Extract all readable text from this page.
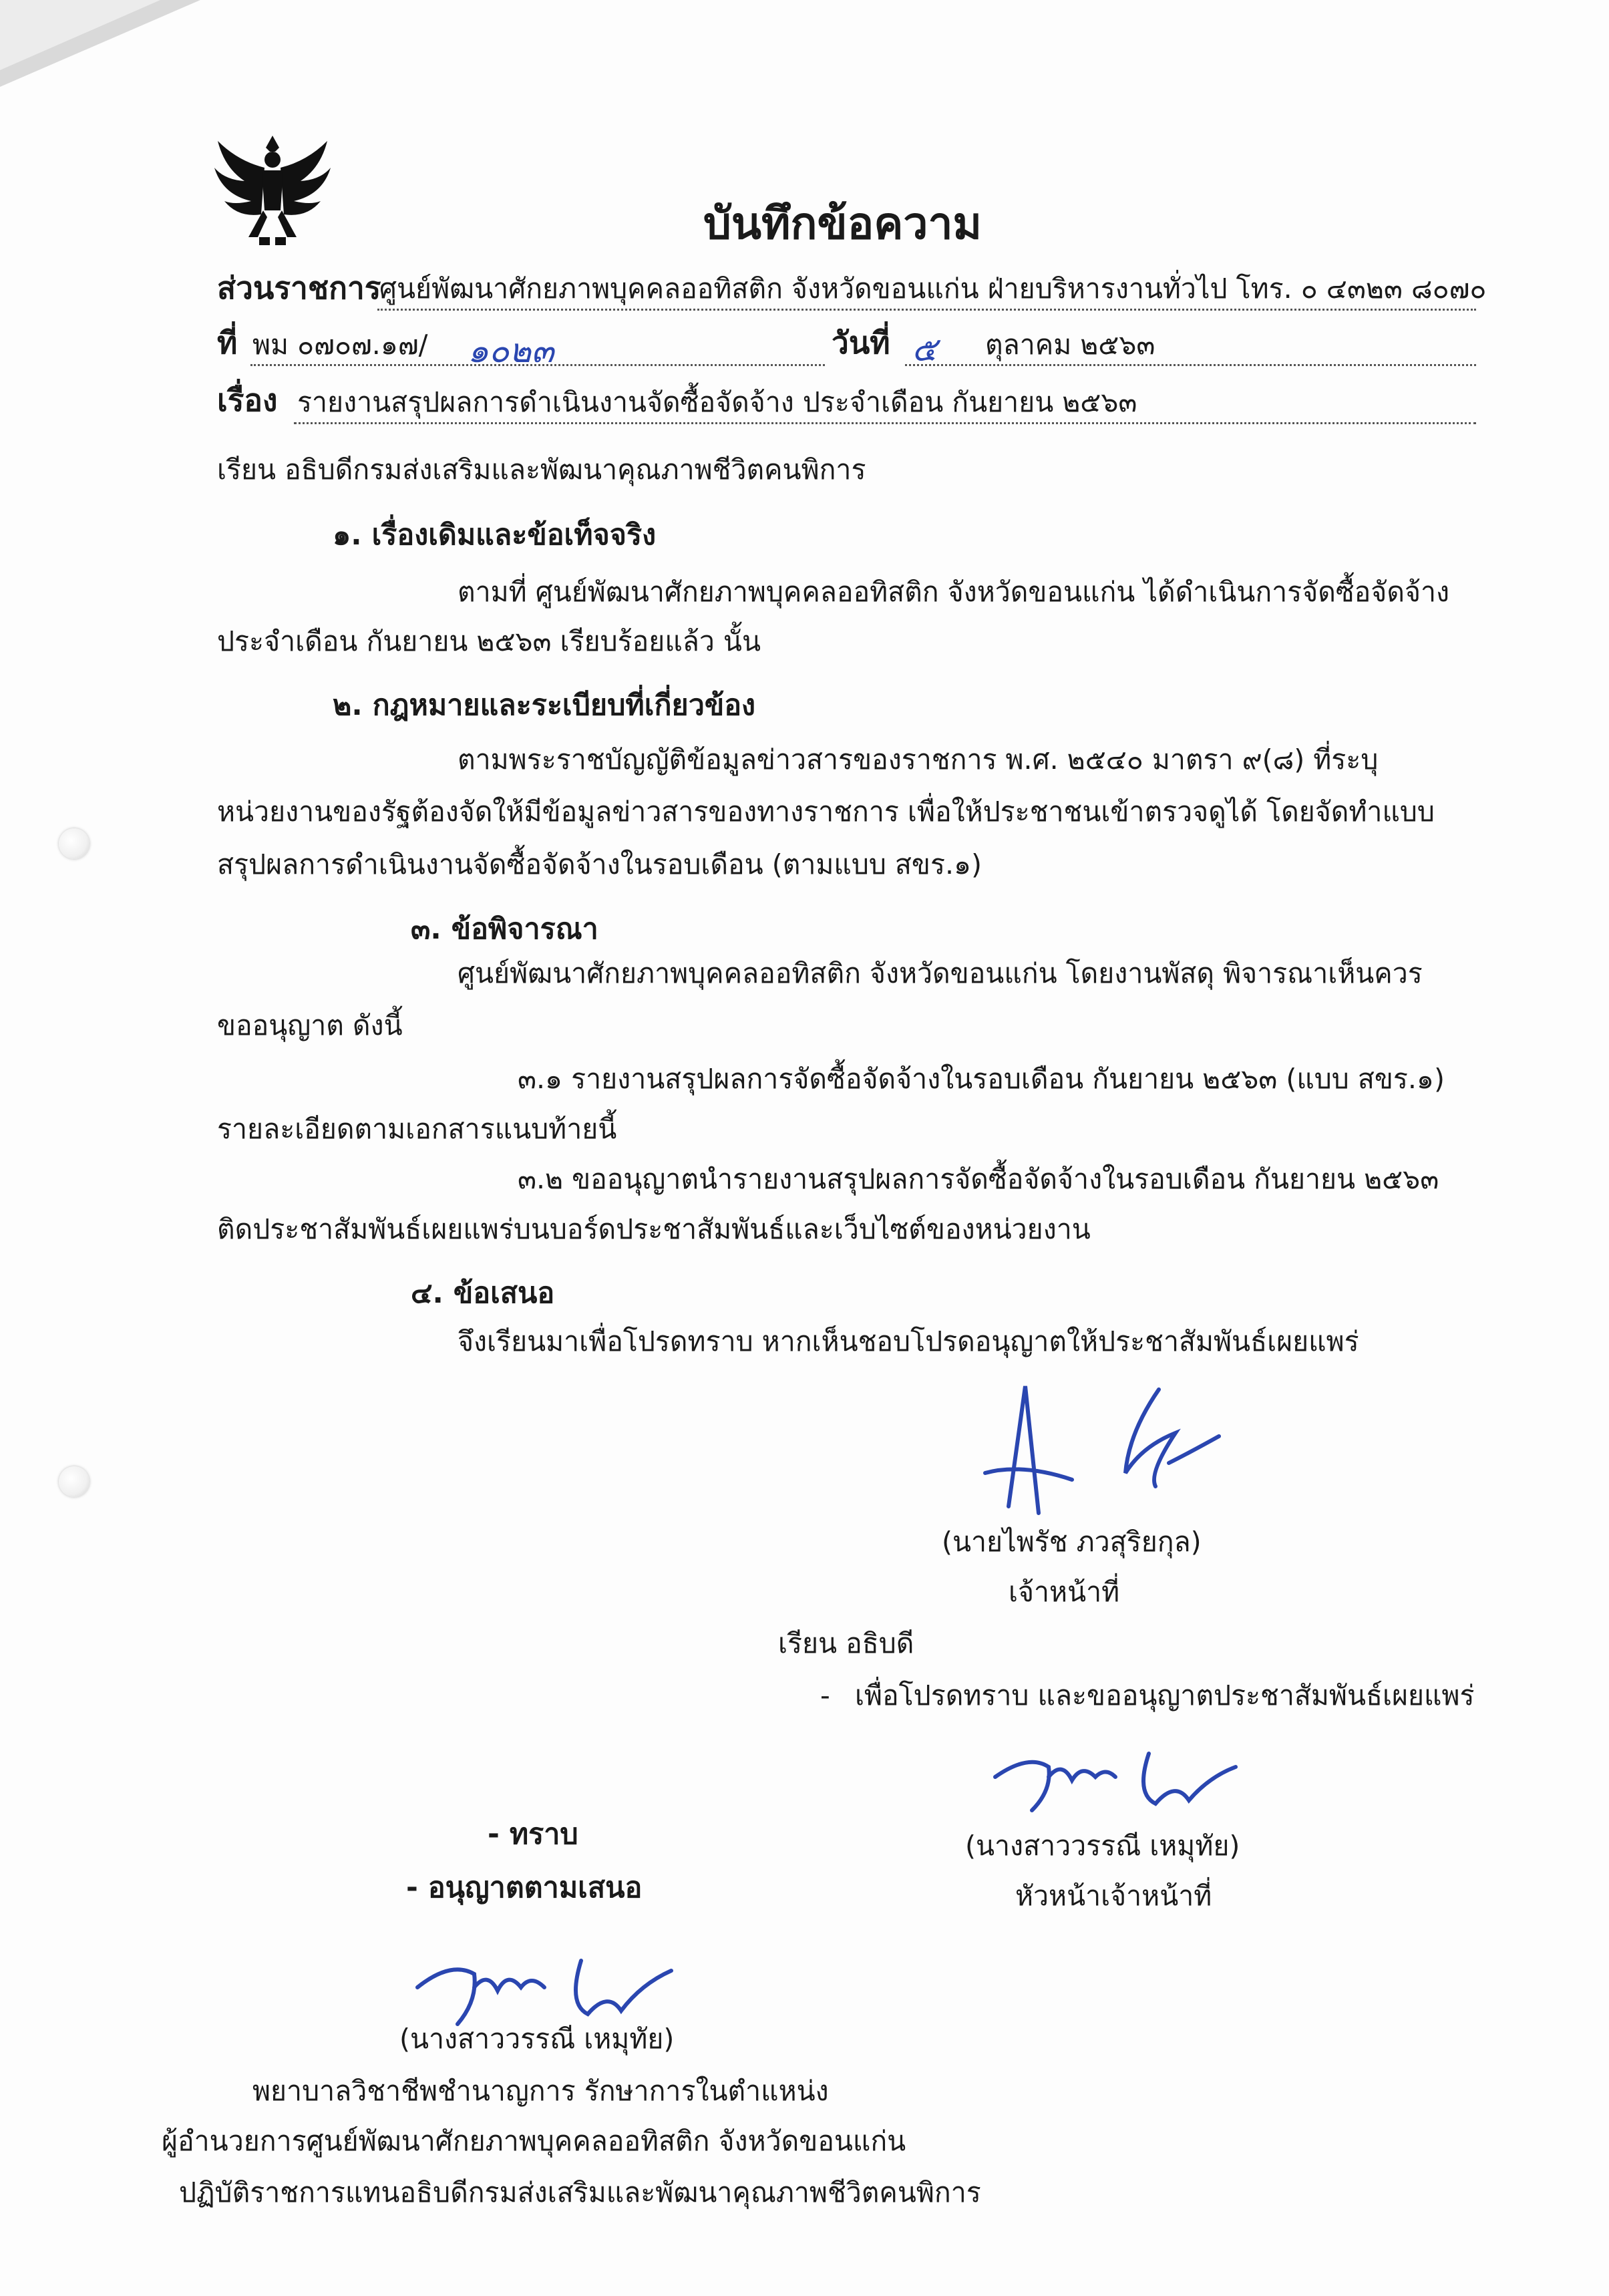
บันทึกข้อความ
ส่วนราชการ
ศูนย์พัฒนาศักยภาพบุคคลออทิสติก จังหวัดขอนแก่น ฝ่ายบริหารงานทั่วไป โทร. ๐ ๔๓๒๓ ๘๐๗๐
ที่ พม ๐๗๐๗.๑๗/ ๑๐๒๓	วันที่ ๕ ตุลาคม ๒๕๖๓
เรื่อง รายงานสรุปผลการดำเนินงานจัดซื้อจัดจ้าง ประจำเดือน กันยายน ๒๕๖๓
เรียน อธิบดีกรมส่งเสริมและพัฒนาคุณภาพชีวิตคนพิการ
๑. เรื่องเดิมและข้อเท็จจริง
ตามที่ ศูนย์พัฒนาศักยภาพบุคคลออทิสติก จังหวัดขอนแก่น ได้ดำเนินการจัดซื้อจัดจ้าง
ประจำเดือน กันยายน ๒๕๖๓ เรียบร้อยแล้ว นั้น
๒. กฎหมายและระเบียบที่เกี่ยวข้อง
ตามพระราชบัญญัติข้อมูลข่าวสารของราชการ พ.ศ. ๒๕๔๐ มาตรา ๙(๘) ที่ระบุ
หน่วยงานของรัฐต้องจัดให้มีข้อมูลข่าวสารของทางราชการ เพื่อให้ประชาชนเข้าตรวจดูได้ โดยจัดทำแบบ
สรุปผลการดำเนินงานจัดซื้อจัดจ้างในรอบเดือน (ตามแบบ สขร.๑)
๓. ข้อพิจารณา
ศูนย์พัฒนาศักยภาพบุคคลออทิสติก จังหวัดขอนแก่น โดยงานพัสดุ พิจารณาเห็นควร
ขออนุญาต ดังนี้
๓.๑ รายงานสรุปผลการจัดซื้อจัดจ้างในรอบเดือน กันยายน ๒๕๖๓ (แบบ สขร.๑)
รายละเอียดตามเอกสารแนบท้ายนี้
๓.๒ ขออนุญาตนำรายงานสรุปผลการจัดซื้อจัดจ้างในรอบเดือน กันยายน ๒๕๖๓
ติดประชาสัมพันธ์เผยแพร่บนบอร์ดประชาสัมพันธ์และเว็บไซต์ของหน่วยงาน
๔. ข้อเสนอ
จึงเรียนมาเพื่อโปรดทราบ หากเห็นชอบโปรดอนุญาตให้ประชาสัมพันธ์เผยแพร่
(นายไพรัช ภวสุริยกุล)
เจ้าหน้าที่
เรียน อธิบดี
- เพื่อโปรดทราบ และขออนุญาตประชาสัมพันธ์เผยแพร่
(นางสาววรรณี เหมุทัย)
หัวหน้าเจ้าหน้าที่
- ทราบ
- อนุญาตตามเสนอ
(นางสาววรรณี เหมุทัย)
พยาบาลวิชาชีพชำนาญการ รักษาการในตำแหน่ง
ผู้อำนวยการศูนย์พัฒนาศักยภาพบุคคลออทิสติก จังหวัดขอนแก่น
ปฏิบัติราชการแทนอธิบดีกรมส่งเสริมและพัฒนาคุณภาพชีวิตคนพิการ
